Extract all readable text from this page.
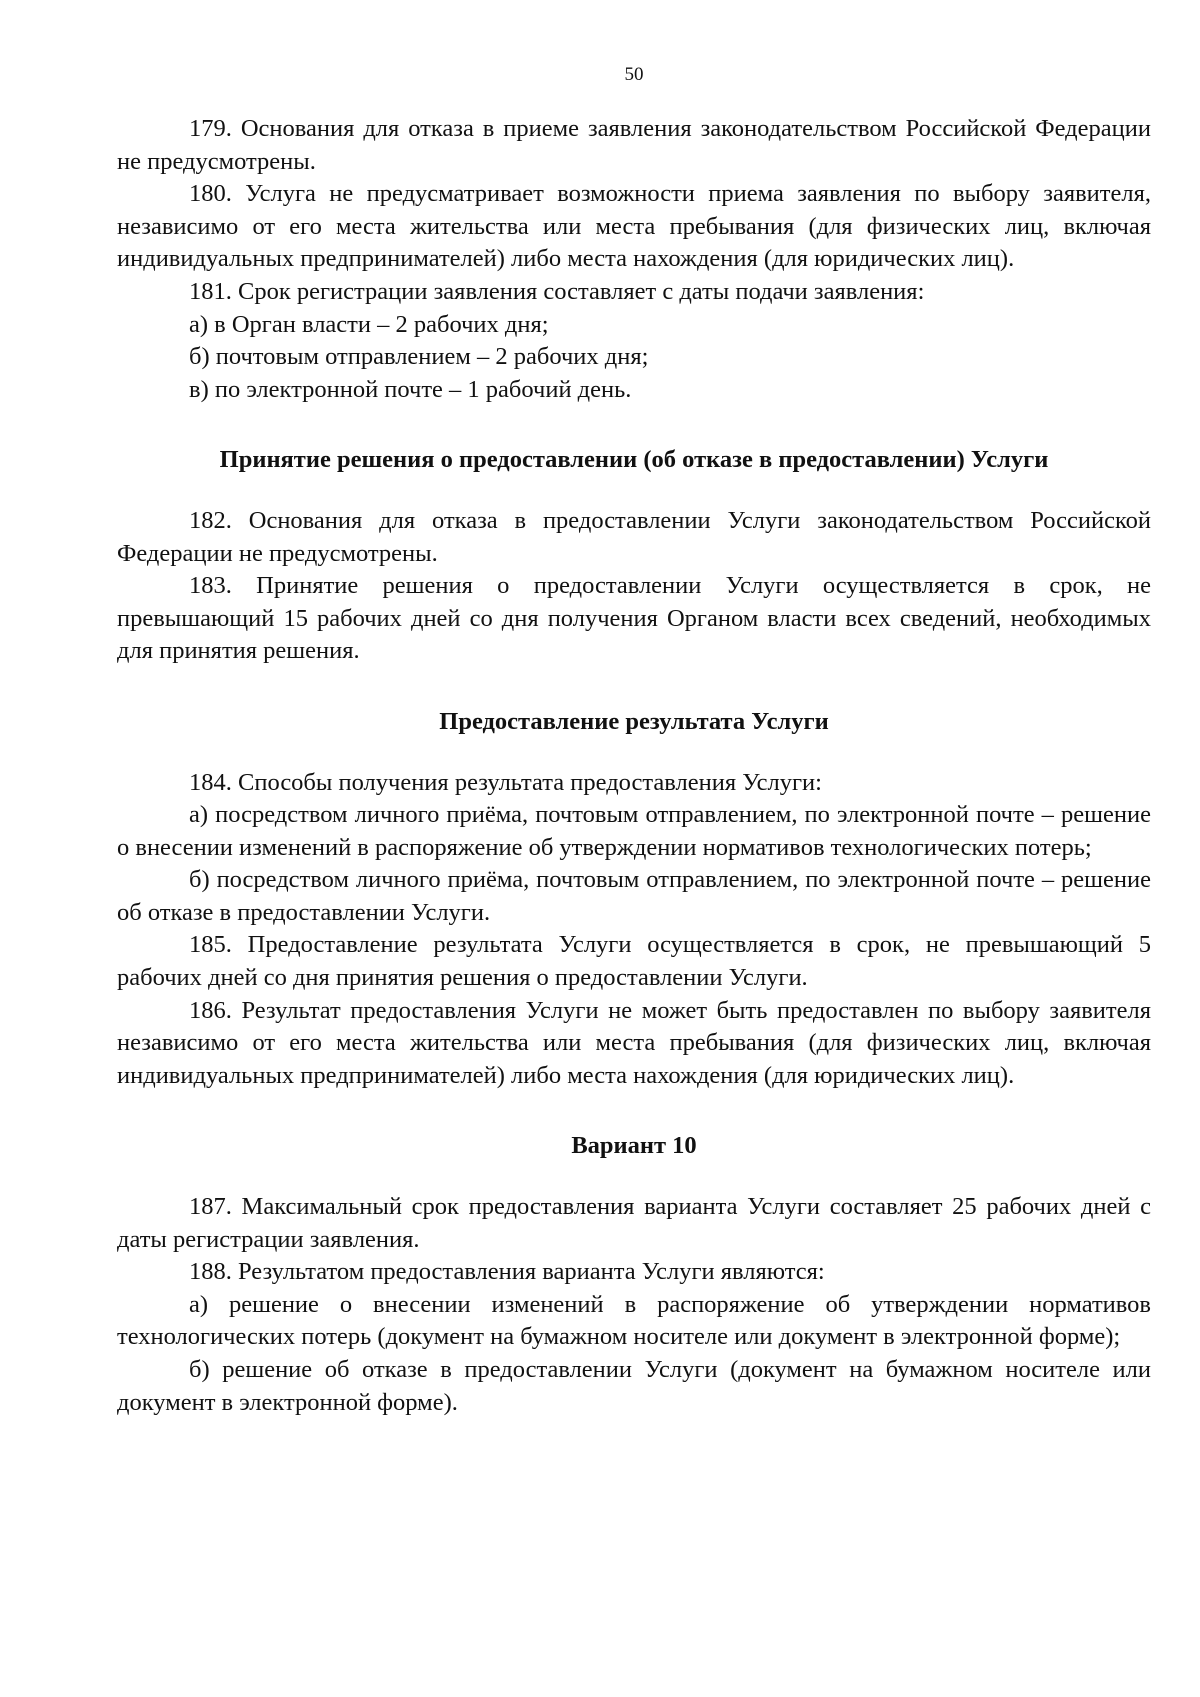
50

179. Основания для отказа в приеме заявления законодательством Российской Федерации не предусмотрены.

180. Услуга не предусматривает возможности приема заявления по выбору заявителя, независимо от его места жительства или места пребывания (для физических лиц, включая индивидуальных предпринимателей) либо места нахождения (для юридических лиц).

181. Срок регистрации заявления составляет с даты подачи заявления:

а) в Орган власти – 2 рабочих дня;

б) почтовым отправлением – 2 рабочих дня;

в) по электронной почте – 1 рабочий день.

Принятие решения о предоставлении (об отказе в предоставлении) Услуги

182. Основания для отказа в предоставлении Услуги законодательством Российской Федерации не предусмотрены.

183. Принятие решения о предоставлении Услуги осуществляется в срок, не превышающий 15 рабочих дней со дня получения Органом власти всех сведений, необходимых для принятия решения.

Предоставление результата Услуги

184. Способы получения результата предоставления Услуги:

а) посредством личного приёма, почтовым отправлением, по электронной почте – решение о внесении изменений в распоряжение об утверждении нормативов технологических потерь;

б) посредством личного приёма, почтовым отправлением, по электронной почте – решение об отказе в предоставлении Услуги.

185. Предоставление результата Услуги осуществляется в срок, не превышающий 5 рабочих дней со дня принятия решения о предоставлении Услуги.

186. Результат предоставления Услуги не может быть предоставлен по выбору заявителя независимо от его места жительства или места пребывания (для физических лиц, включая индивидуальных предпринимателей) либо места нахождения (для юридических лиц).

Вариант 10

187. Максимальный срок предоставления варианта Услуги составляет 25 рабочих дней с даты регистрации заявления.

188. Результатом предоставления варианта Услуги являются:

а) решение о внесении изменений в распоряжение об утверждении нормативов технологических потерь (документ на бумажном носителе или документ в электронной форме);

б) решение об отказе в предоставлении Услуги (документ на бумажном носителе или документ в электронной форме).
